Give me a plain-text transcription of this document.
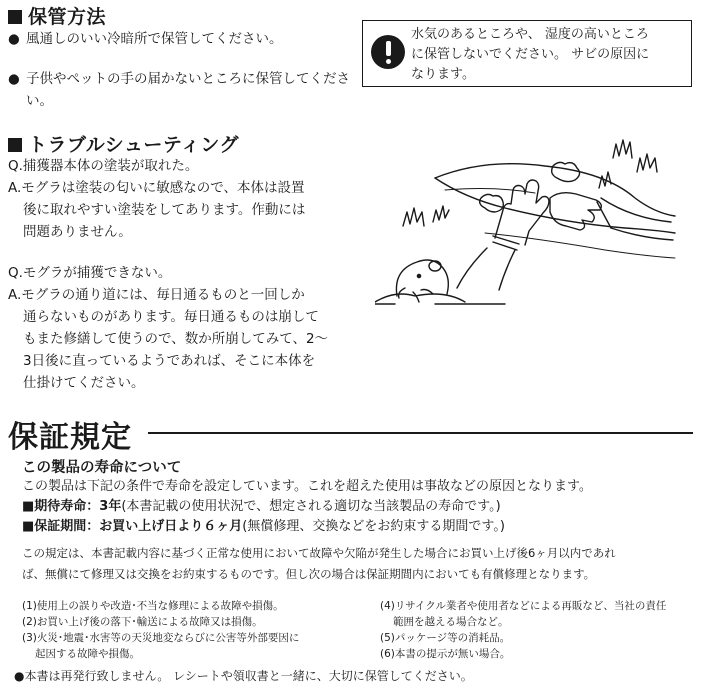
保管方法
● 風通しのいい冷暗所で保管してください。
● 子供やペットの手の届かないところに保管してください。
水気のあるところや、 湿度の高いところ
に保管しないでください。 サビの原因に
なります。
トラブルシューティング
Q.捕獲器本体の塗装が取れた。
A.モグラは塗装の匂いに敏感なので、本体は設置
後に取れやすい塗装をしてあります。作動には
問題ありません。
Q.モグラが捕獲できない。
A.モグラの通り道には、毎日通るものと一回しか
通らないものがあります。毎日通るものは崩して
もまた修繕して使うので、数か所崩してみて、2～
3日後に直っているようであれば、そこに本体を
仕掛けてください。
保証規定
この製品の寿命について
この製品は下記の条件で寿命を設定しています。これを超えた使用は事故などの原因となります。
■期待寿命：3年(本書記載の使用状況で、想定される適切な当該製品の寿命です。)
■保証期間：お買い上げ日より６ヶ月(無償修理、交換などをお約束する期間です。)
この規定は、本書記載内容に基づく正常な使用において故障や欠陥が発生した場合にお買い上げ後6ヶ月以内であれ
ば、無償にて修理又は交換をお約束するものです。但し次の場合は保証期間内においても有償修理となります。
(1)使用上の誤りや改造･不当な修理による故障や損傷。
(2)お買い上げ後の落下･輸送による故障又は損傷。
(3)火災･地震･水害等の天災地変ならびに公害等外部要因に
起因する故障や損傷。
(4)リサイクル業者や使用者などによる再販など、当社の責任
範囲を越える場合など。
(5)パッケージ等の消耗品。
(6)本書の提示が無い場合。
●本書は再発行致しません。 レシートや領収書と一緒に、大切に保管してください。
